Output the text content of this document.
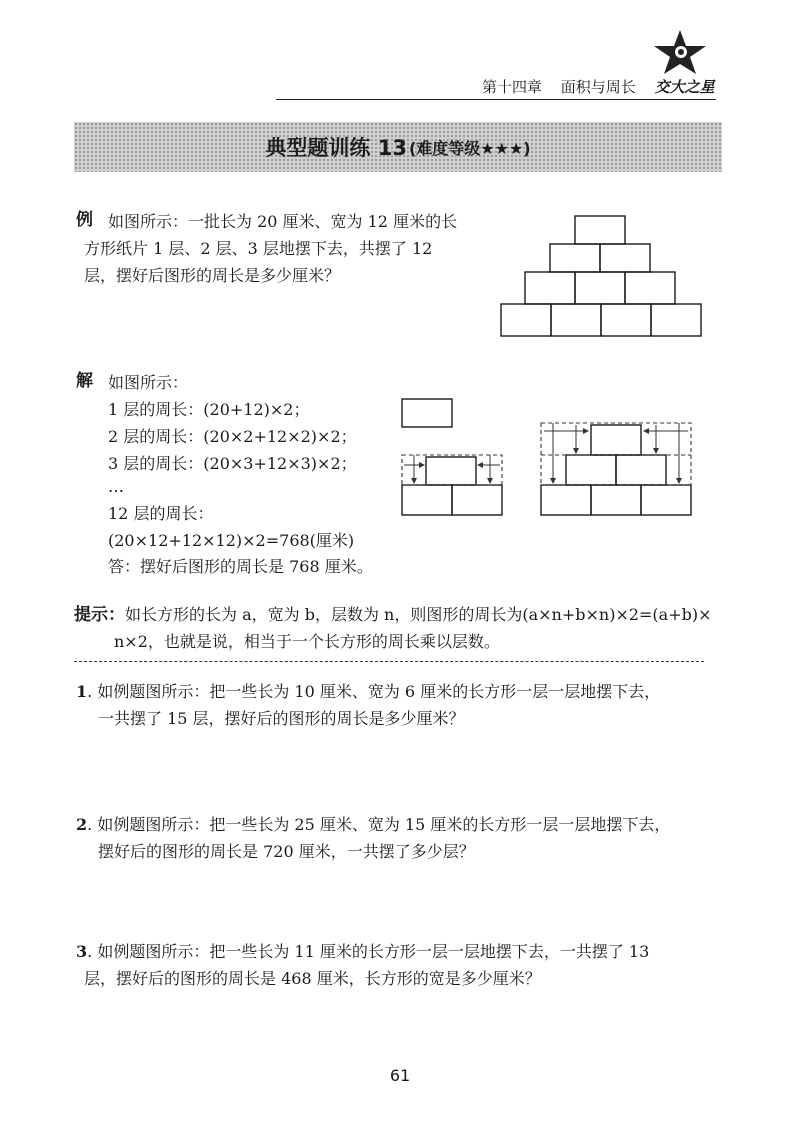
第十四章 面积与周长 交大之星
典型题训练 13 (难度等级★★★)
例 如图所示：一批长为 20 厘米、宽为 12 厘米的长
方形纸片 1 层、2 层、3 层地摆下去，共摆了 12
层，摆好后图形的周长是多少厘米？
解 如图所示：
1 层的周长：(20+12)×2；
2 层的周长：(20×2+12×2)×2；
3 层的周长：(20×3+12×3)×2；
…
12 层的周长：
(20×12+12×12)×2=768(厘米)
答：摆好后图形的周长是 768 厘米。
提示：如长方形的长为 a，宽为 b，层数为 n，则图形的周长为(a×n+b×n)×2=(a+b)×
n×2，也就是说，相当于一个长方形的周长乘以层数。
1. 如例题图所示：把一些长为 10 厘米、宽为 6 厘米的长方形一层一层地摆下去，
一共摆了 15 层，摆好后的图形的周长是多少厘米？
2. 如例题图所示：把一些长为 25 厘米、宽为 15 厘米的长方形一层一层地摆下去，
摆好后的图形的周长是 720 厘米，一共摆了多少层？
3. 如例题图所示：把一些长为 11 厘米的长方形一层一层地摆下去，一共摆了 13
层，摆好后的图形的周长是 468 厘米，长方形的宽是多少厘米？
61
